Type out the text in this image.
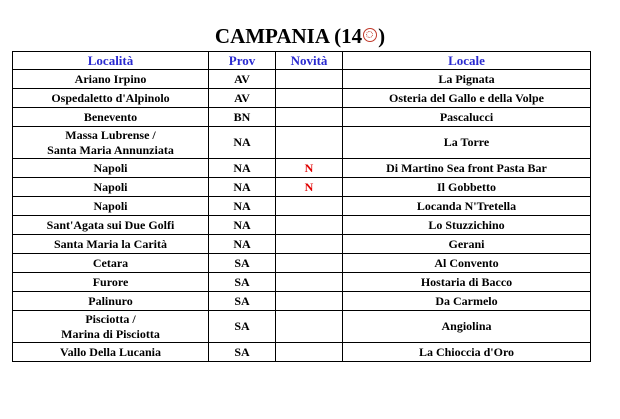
CAMPANIA (14 )
Località	Prov	Novità	Locale
Ariano Irpino	AV		La Pignata
Ospedaletto d'Alpinolo	AV		Osteria del Gallo e della Volpe
Benevento	BN		Pascalucci

Massa Lubrense /
Santa Maria Annunziata	NA		La Torre
Napoli	NA	N	Di Martino Sea front Pasta Bar
Napoli	NA	N	Il Gobbetto
Napoli	NA		Locanda N'Tretella
Sant'Agata sui Due Golfi	NA		Lo Stuzzichino
Santa Maria la Carità	NA		Gerani
Cetara	SA		Al Convento
Furore	SA		Hostaria di Bacco
Palinuro	SA		Da Carmelo

Pisciotta /
Marina di Pisciotta	SA		Angiolina
Vallo Della Lucania	SA		La Chioccia d'Oro
